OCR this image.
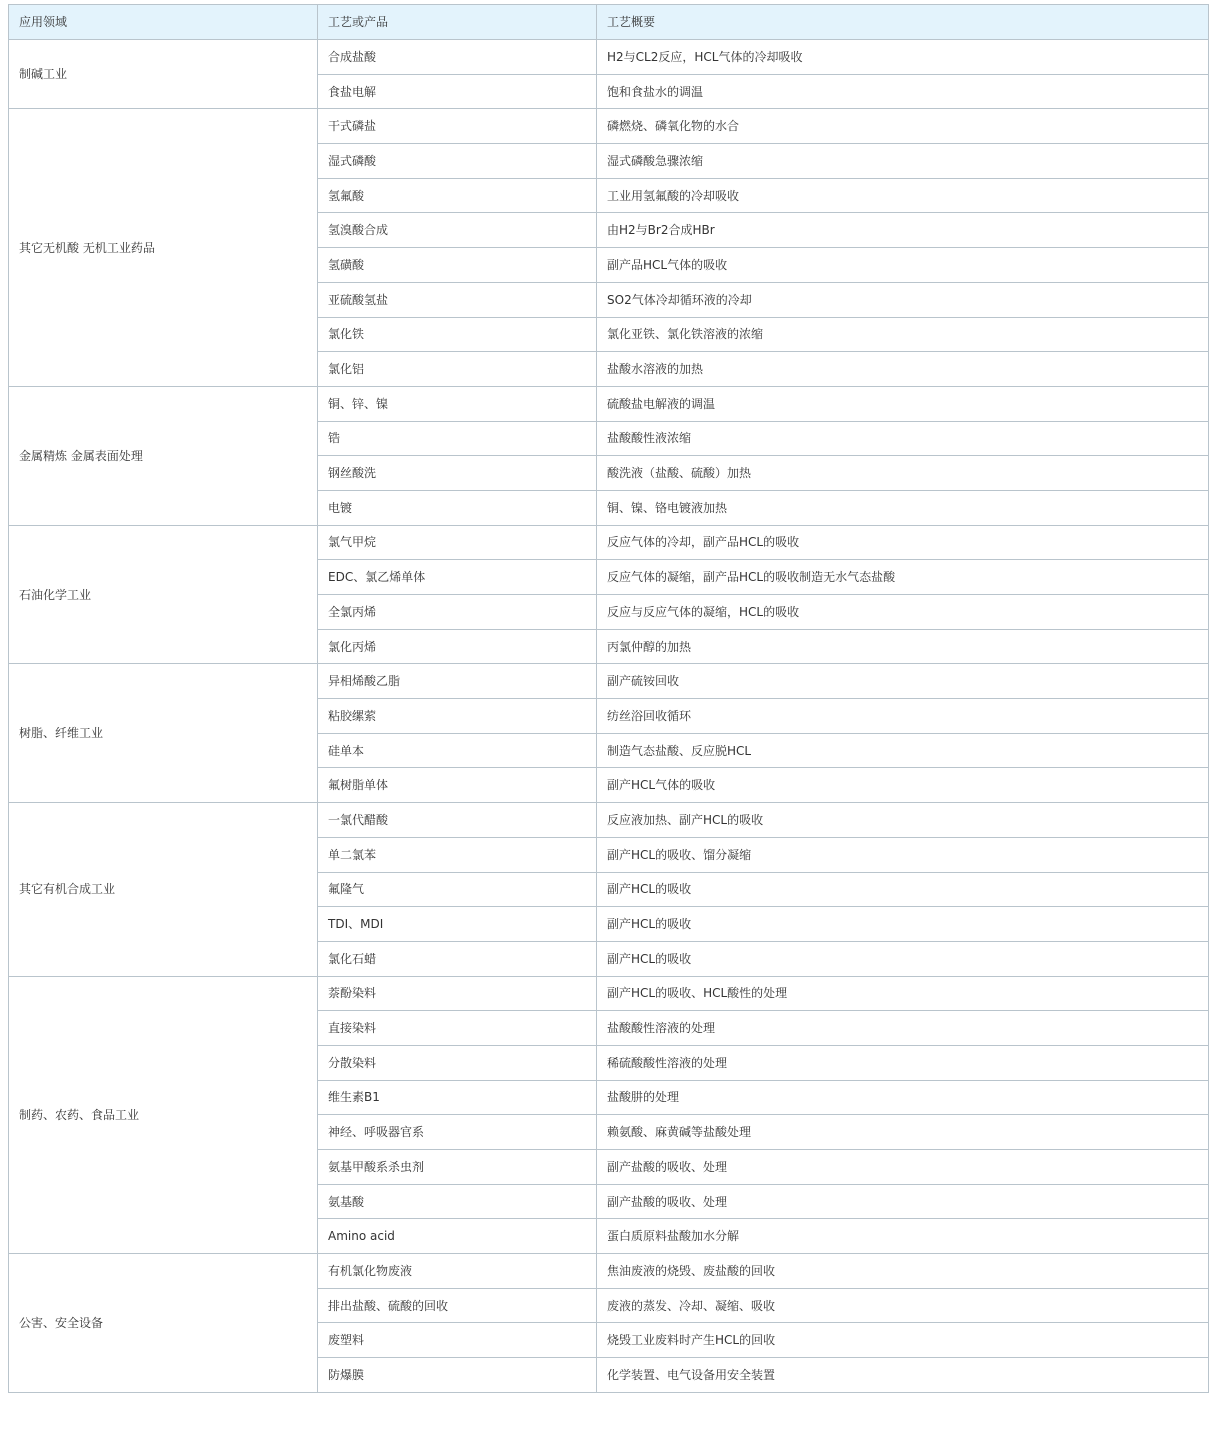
应用领域	工艺或产品	工艺概要
制碱工业	合成盐酸	H2与CL2反应，HCL气体的冷却吸收
	食盐电解	饱和食盐水的调温
其它无机酸 无机工业药品	干式磷盐	磷燃烧、磷氧化物的水合
	湿式磷酸	湿式磷酸急骤浓缩
	氢氟酸	工业用氢氟酸的冷却吸收
	氢溴酸合成	由H2与Br2合成HBr
	氢磺酸	副产品HCL气体的吸收
	亚硫酸氢盐	SO2气体冷却循环液的冷却
	氯化铁	氯化亚铁、氯化铁溶液的浓缩
	氯化铝	盐酸水溶液的加热
金属精炼 金属表面处理	铜、锌、镍	硫酸盐电解液的调温
	锆	盐酸酸性液浓缩
	钢丝酸洗	酸洗液（盐酸、硫酸）加热
	电镀	铜、镍、铬电镀液加热
石油化学工业	氯气甲烷	反应气体的冷却，副产品HCL的吸收
	EDC、氯乙烯单体	反应气体的凝缩，副产品HCL的吸收制造无水气态盐酸
	全氯丙烯	反应与反应气体的凝缩，HCL的吸收
	氯化丙烯	丙氯仲醇的加热
树脂、纤维工业	异相烯酸乙脂	副产硫铵回收
	粘胶缧萦	纺丝浴回收循环
	硅单本	制造气态盐酸、反应脱HCL
	氟树脂单体	副产HCL气体的吸收
其它有机合成工业	一氯代醋酸	反应液加热、副产HCL的吸收
	单二氯苯	副产HCL的吸收、馏分凝缩
	氟隆气	副产HCL的吸收
	TDI、MDI	副产HCL的吸收
	氯化石蜡	副产HCL的吸收
制药、农药、食品工业	萘酚染料	副产HCL的吸收、HCL酸性的处理
	直接染料	盐酸酸性溶液的处理
	分散染料	稀硫酸酸性溶液的处理
	维生素B1	盐酸肼的处理
	神经、呼吸器官系	赖氨酸、麻黄碱等盐酸处理
	氨基甲酸系杀虫剂	副产盐酸的吸收、处理
	氨基酸	副产盐酸的吸收、处理
	Amino acid	蛋白质原料盐酸加水分解
公害、安全设备	有机氯化物废液	焦油废液的烧毁、废盐酸的回收
	排出盐酸、硫酸的回收	废液的蒸发、冷却、凝缩、吸收
	废塑料	烧毁工业废料时产生HCL的回收
	防爆膜	化学装置、电气设备用安全装置
